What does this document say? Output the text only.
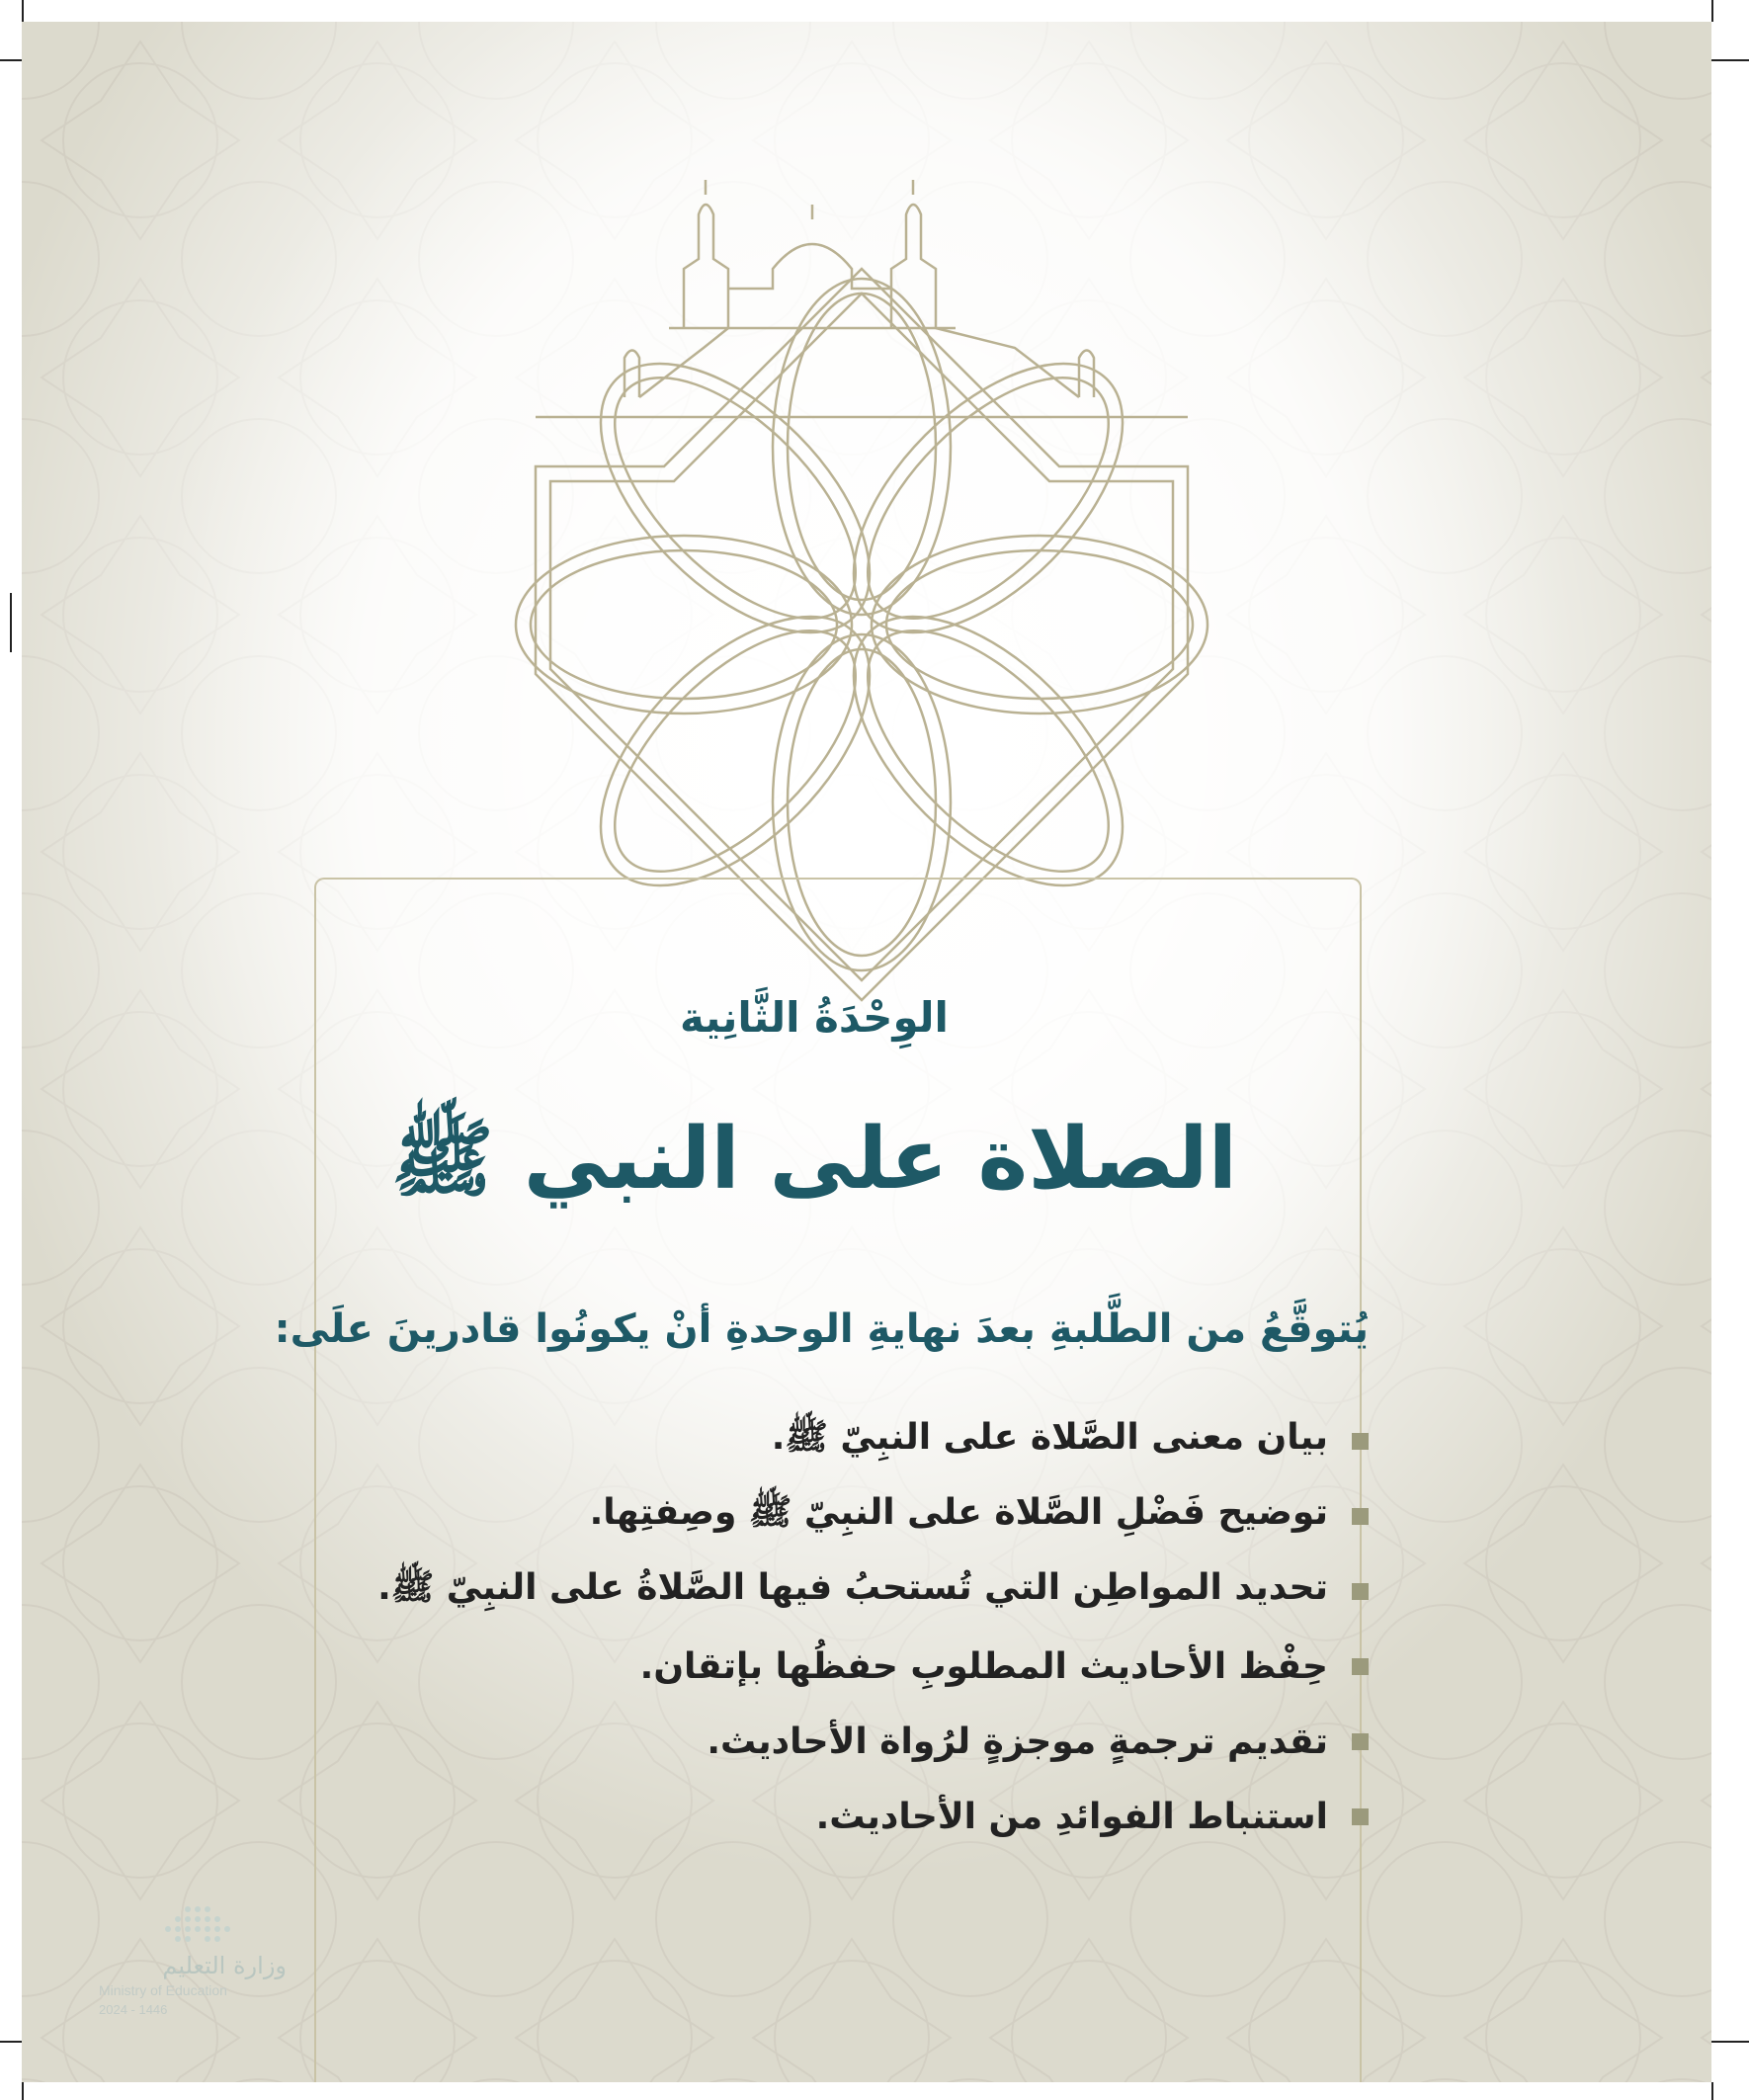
الوِحْدَةُ الثَّانِية
الصلاة على النبي ﷺ
يُتوقَّعُ من الطَّلبةِ بعدَ نهايةِ الوحدةِ أنْ يكونُوا قادرينَ علَى:
بيان معنى الصَّلاة على النبِيّ ﷺ.
توضيح فَضْلِ الصَّلاة على النبِيّ ﷺ وصِفتِها.
تحديد المواطِن التي تُستحبُ فيها الصَّلاةُ على النبِيّ ﷺ.
حِفْظ الأحاديث المطلوبِ حفظُها بإتقان.
تقديم ترجمةٍ موجزةٍ لرُواة الأحاديث.
استنباط الفوائدِ من الأحاديث.
وزارة التعليم
Ministry of Education
2024 - 1446
